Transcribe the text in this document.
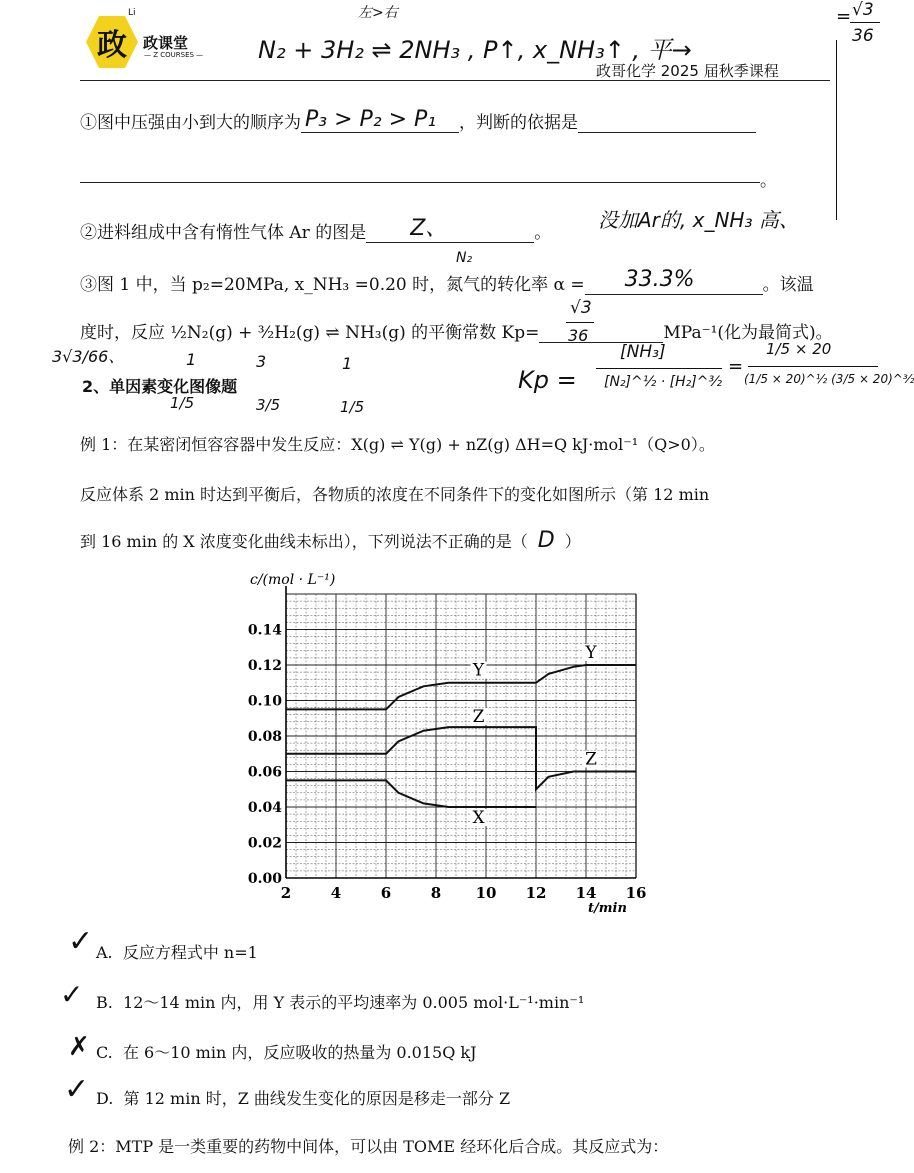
政
Li
政课堂
— Z COURSES — N₂ + 3H₂ ⇌ 2NH₃ , P↑, x_NH₃↑ , 平→
左>右	= √3
36
政哥化学 2025 届秋季课程
①图中压强由小到大的顺序为 P₃ > P₂ > P₁ ，判断的依据是
。
②进料组成中含有惰性气体 Ar 的图是 Z、	。
没加Ar的, x_NH₃ 高、
N₂
③图 1 中，当 p₂=20MPa, x_NH₃ =0.20 时，氮气的转化率 α = 33.3%	。该温
度时，反应 ½N₂(g) + ³⁄₂H₂(g) ⇌ NH₃(g) 的平衡常数 Kp=	MPa⁻¹(化为最简式)。
√3
36
3√3/66、	1	3	1
1/5	3/5	1/5
Kp =
[NH₃]
[N₂]^½ · [H₂]^³⁄₂
=
1/5 × 20
(1/5 × 20)^½ (3/5 × 20)^³⁄₂
2、单因素变化图像题
例 1：在某密闭恒容容器中发生反应：X(g) ⇌ Y(g) + nZ(g) ΔH=Q kJ·mol⁻¹（Q>0）。
反应体系 2 min 时达到平衡后，各物质的浓度在不同条件下的变化如图所示（第 12 min
到 16 min 的 X 浓度变化曲线未标出），下列说法不正确的是（ D ）
2	4	6	8 10 12 14 16
0.00
0.02
0.04
0.06
0.08
0.10
0.12
0.14
Y
Z
X
Y
Z
c/(mol · L⁻¹)
t/min
✓ A. 反应方程式中 n=1
✓ B. 12～14 min 内，用 Y 表示的平均速率为 0.005 mol·L⁻¹·min⁻¹
✗ C. 在 6～10 min 内，反应吸收的热量为 0.015Q kJ
✓ D. 第 12 min 时，Z 曲线发生变化的原因是移走一部分 Z
例 2：MTP 是一类重要的药物中间体，可以由 TOME 经环化后合成。其反应式为：
